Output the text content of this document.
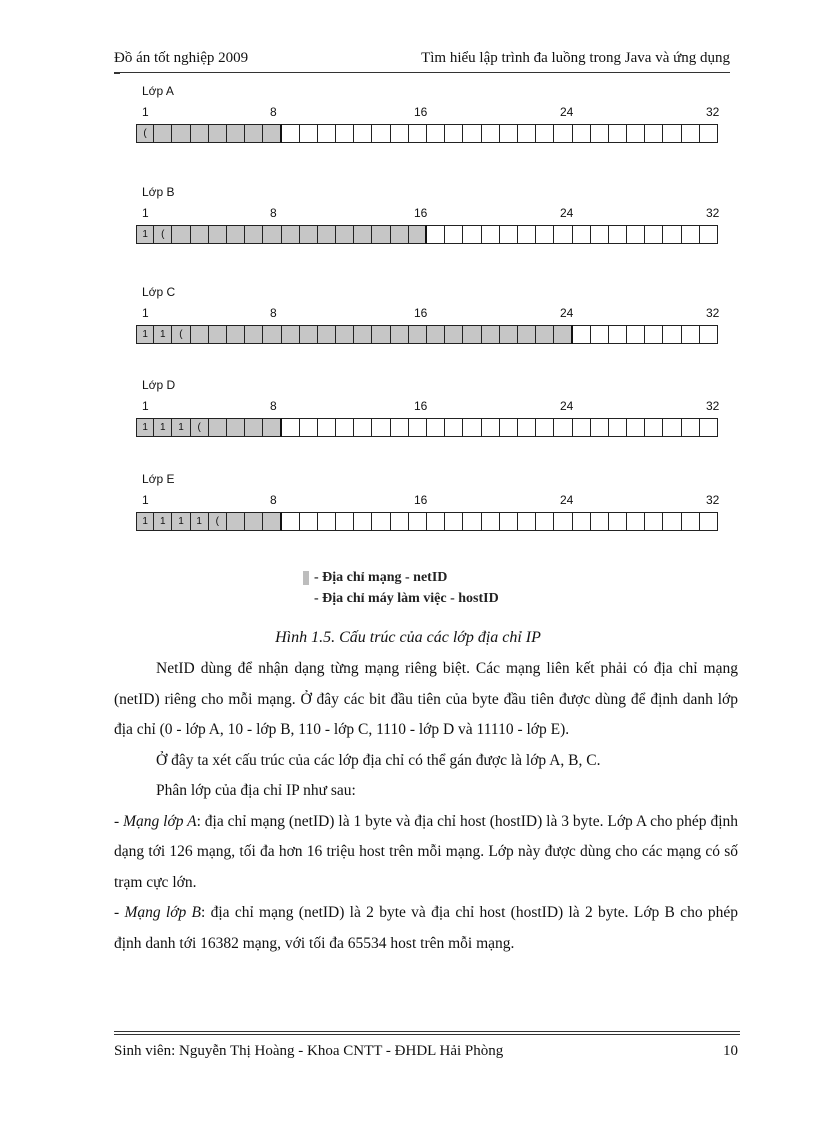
Đồ án tốt nghiệp 2009	Tìm hiểu lập trình đa luồng trong Java và ứng dụng
Lớp A
1	8	16	24	32
(
Lớp B
1	8	16	24	32
1	(
Lớp C
1	8	16	24	32
1	1	(
Lớp D
1	8	16	24	32
1	1	1	(
Lớp E
1	8	16	24	32
1	1	1	1	(
- Địa chỉ mạng - netID
- Địa chỉ máy làm việc - hostID
Hình 1.5. Cấu trúc của các lớp địa chỉ IP

NetID dùng để nhận dạng từng mạng riêng biệt. Các mạng liên kết phải có địa chỉ mạng (netID) riêng cho mỗi mạng. Ở đây các bit đầu tiên của byte đầu tiên được dùng để định danh lớp địa chỉ (0 - lớp A, 10 - lớp B, 110 - lớp C, 1110 - lớp D và 11110 - lớp E).

Ở đây ta xét cấu trúc của các lớp địa chỉ có thể gán được là lớp A, B, C.

Phân lớp của địa chỉ IP như sau:

- Mạng lớp A: địa chỉ mạng (netID) là 1 byte và địa chỉ host (hostID) là 3 byte. Lớp A cho phép định dạng tới 126 mạng, tối đa hơn 16 triệu host trên mỗi mạng. Lớp này được dùng cho các mạng có số trạm cực lớn.

- Mạng lớp B: địa chỉ mạng (netID) là 2 byte và địa chỉ host (hostID) là 2 byte. Lớp B cho phép định danh tới 16382 mạng, với tối đa 65534 host trên mỗi mạng.

Sinh viên: Nguyễn Thị Hoàng - Khoa CNTT - ĐHDL Hải Phòng	10
